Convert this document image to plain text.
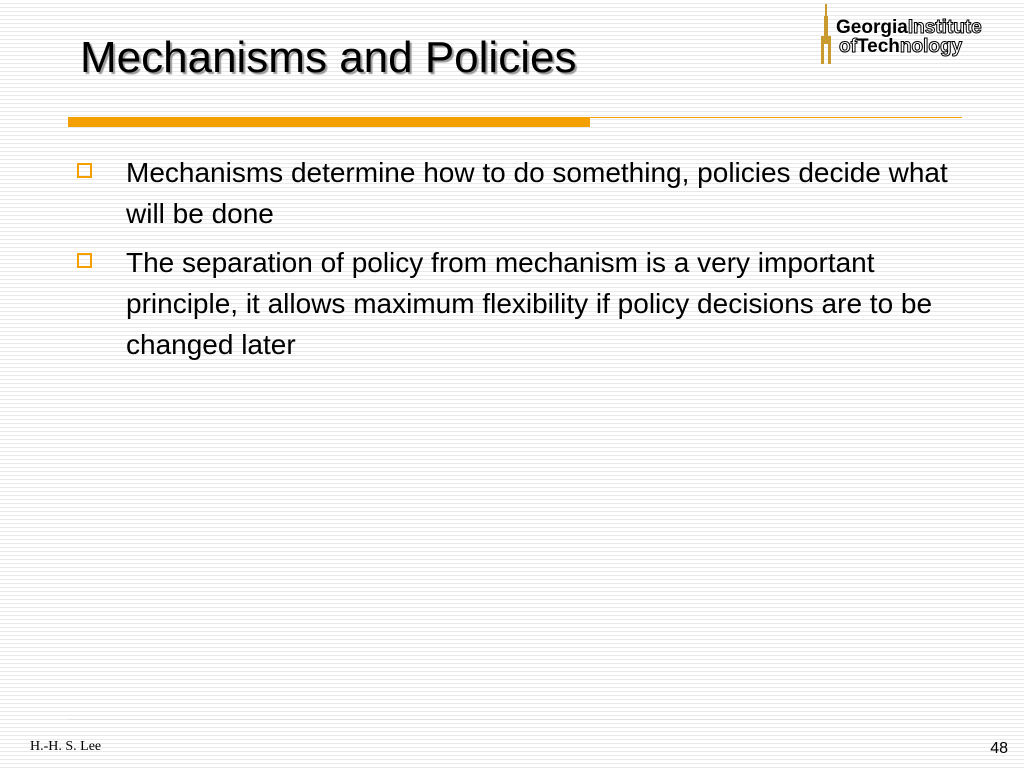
Mechanisms and Policies
GeorgiaInstitute
ofTechnology
Mechanisms determine how to do something, policies decide what will be done
The separation of policy from mechanism is a very important principle, it allows maximum flexibility if policy decisions are to be changed later
H.-H. S. Lee	48
